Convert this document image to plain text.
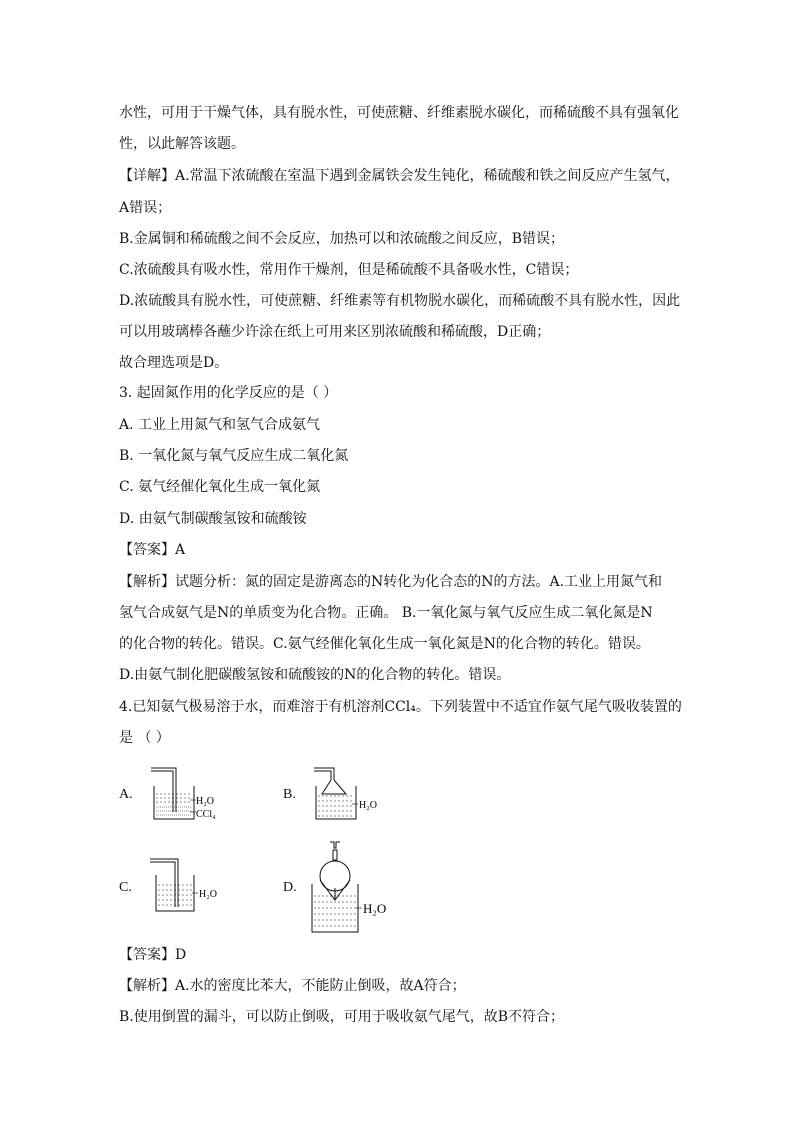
水性，可用于干燥气体，具有脱水性，可使蔗糖、纤维素脱水碳化，而稀硫酸不具有强氧化
性，以此解答该题。
【详解】A.常温下浓硫酸在室温下遇到金属铁会发生钝化，稀硫酸和铁之间反应产生氢气，
A错误；
B.金属铜和稀硫酸之间不会反应，加热可以和浓硫酸之间反应，B错误；
C.浓硫酸具有吸水性，常用作干燥剂，但是稀硫酸不具备吸水性，C错误；
D.浓硫酸具有脱水性，可使蔗糖、纤维素等有机物脱水碳化，而稀硫酸不具有脱水性，因此
可以用玻璃棒各蘸少许涂在纸上可用来区别浓硫酸和稀硫酸，D正确；
故合理选项是D。
3. 起固氮作用的化学反应的是（ ）
A. 工业上用氮气和氢气合成氨气
B. 一氧化氮与氧气反应生成二氧化氮
C. 氨气经催化氧化生成一氧化氮
D. 由氨气制碳酸氢铵和硫酸铵
【答案】A
【解析】试题分析：氮的固定是游离态的N转化为化合态的N的方法。A.工业上用氮气和
氢气合成氨气是N的单质变为化合物。正确。 B.一氧化氮与氧气反应生成二氧化氮是N
的化合物的转化。错误。C.氨气经催化氧化生成一氧化氮是N的化合物的转化。错误。
D.由氨气制化肥碳酸氢铵和硫酸铵的N的化合物的转化。错误。
4.已知氨气极易溶于水，而难溶于有机溶剂CCl₄。下列装置中不适宜作氨气尾气吸收装置的
是 （ ）
A.	H₂O
CCl₄
B.
H₂O
C.	H₂O	D.
H₂O
【答案】D
【解析】A.水的密度比苯大，不能防止倒吸，故A符合；
B.使用倒置的漏斗，可以防止倒吸，可用于吸收氨气尾气，故B不符合；
